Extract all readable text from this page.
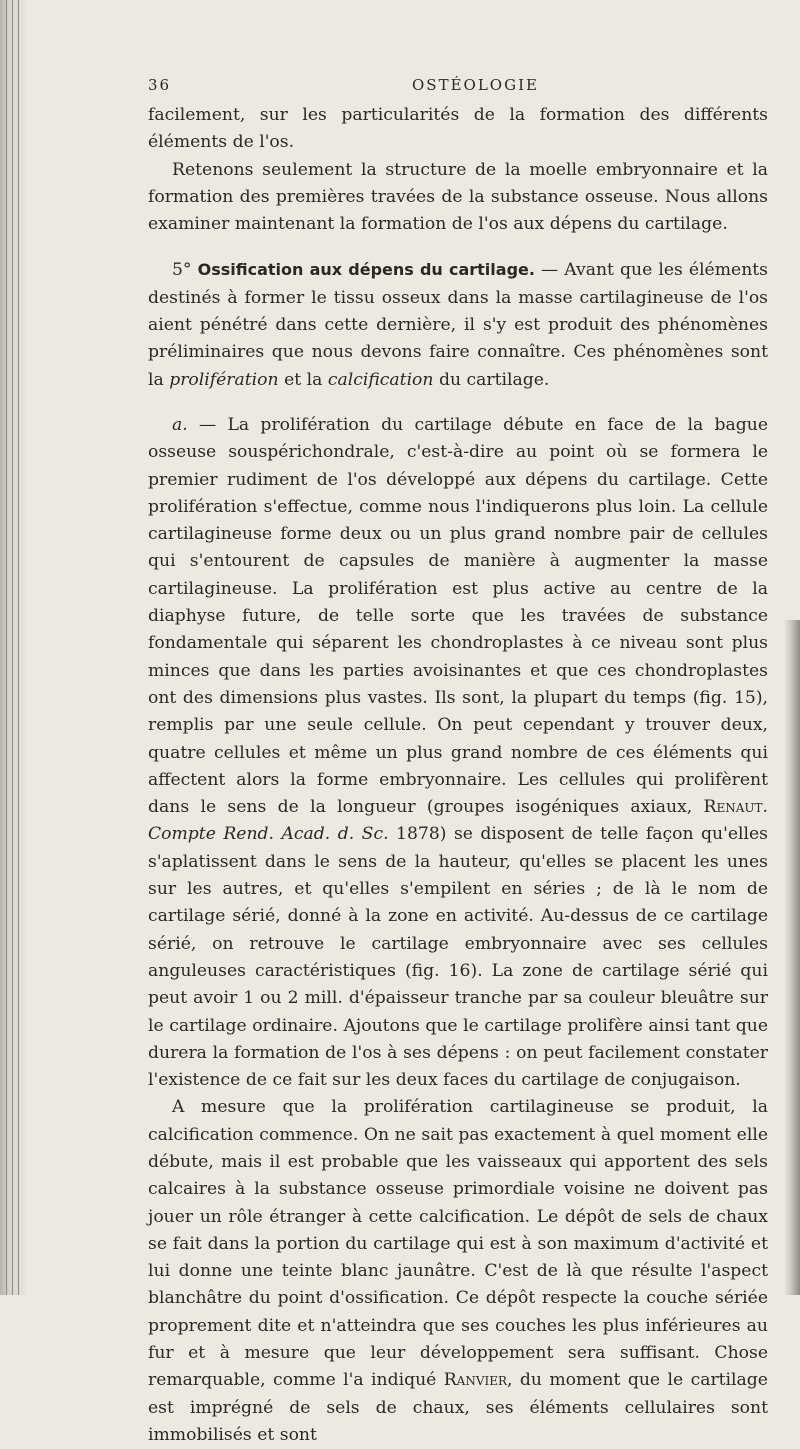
36	OSTÉOLOGIE

facilement, sur les particularités de la formation des différents éléments de l'os.

Retenons seulement la structure de la moelle embryonnaire et la formation des premières travées de la substance osseuse. Nous allons examiner maintenant la formation de l'os aux dépens du cartilage.

5° Ossification aux dépens du cartilage. — Avant que les éléments destinés à former le tissu osseux dans la masse cartilagineuse de l'os aient pénétré dans cette dernière, il s'y est produit des phénomènes préliminaires que nous devons faire connaître. Ces phénomènes sont la prolifération et la calcification du cartilage.

a. — La prolifération du cartilage débute en face de la bague osseuse souspérichondrale, c'est-à-dire au point où se formera le premier rudiment de l'os développé aux dépens du cartilage. Cette prolifération s'effectue, comme nous l'indiquerons plus loin. La cellule cartilagineuse forme deux ou un plus grand nombre pair de cellules qui s'entourent de capsules de manière à augmenter la masse cartilagineuse. La prolifération est plus active au centre de la diaphyse future, de telle sorte que les travées de substance fondamentale qui séparent les chondroplastes à ce niveau sont plus minces que dans les parties avoisinantes et que ces chondroplastes ont des dimensions plus vastes. Ils sont, la plupart du temps (fig. 15), remplis par une seule cellule. On peut cependant y trouver deux, quatre cellules et même un plus grand nombre de ces éléments qui affectent alors la forme embryonnaire. Les cellules qui prolifèrent dans le sens de la longueur (groupes isogéniques axiaux, Renaut. Compte Rend. Acad. d. Sc. 1878) se disposent de telle façon qu'elles s'aplatissent dans le sens de la hauteur, qu'elles se placent les unes sur les autres, et qu'elles s'empilent en séries ; de là le nom de cartilage sérié, donné à la zone en activité. Au-dessus de ce cartilage sérié, on retrouve le cartilage embryonnaire avec ses cellules anguleuses caractéristiques (fig. 16). La zone de cartilage sérié qui peut avoir 1 ou 2 mill. d'épaisseur tranche par sa couleur bleuâtre sur le cartilage ordinaire. Ajoutons que le cartilage prolifère ainsi tant que durera la formation de l'os à ses dépens : on peut facilement constater l'existence de ce fait sur les deux faces du cartilage de conjugaison.

A mesure que la prolifération cartilagineuse se produit, la calcification commence. On ne sait pas exactement à quel moment elle débute, mais il est probable que les vaisseaux qui apportent des sels calcaires à la substance osseuse primordiale voisine ne doivent pas jouer un rôle étranger à cette calcification. Le dépôt de sels de chaux se fait dans la portion du cartilage qui est à son maximum d'activité et lui donne une teinte blanc jaunâtre. C'est de là que résulte l'aspect blanchâtre du point d'ossification. Ce dépôt respecte la couche sériée proprement dite et n'atteindra que ses couches les plus inférieures au fur et à mesure que leur développement sera suffisant. Chose remarquable, comme l'a indiqué Ranvier, du moment que le cartilage est imprégné de sels de chaux, ses éléments cellulaires sont immobilisés et sont
